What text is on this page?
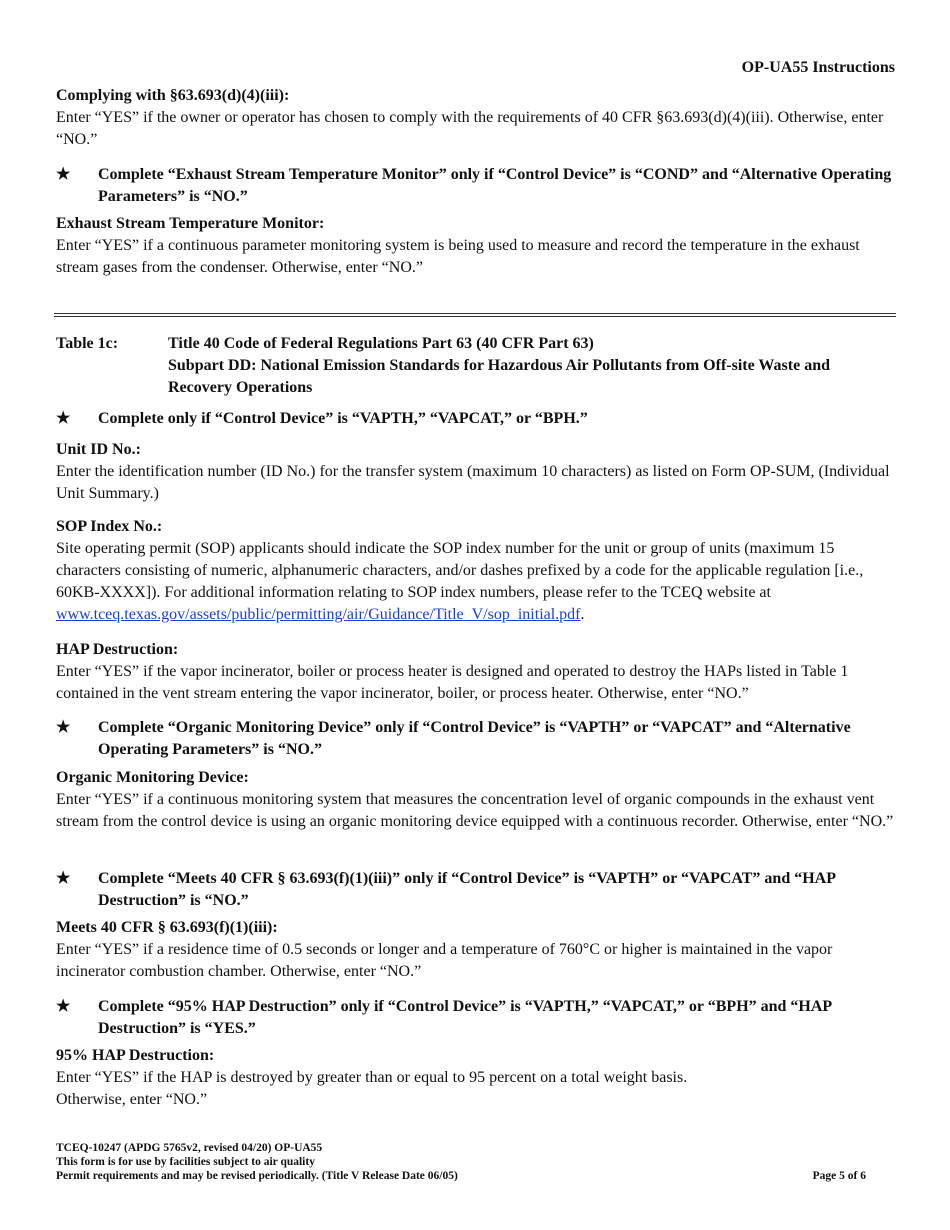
OP-UA55 Instructions

Complying with §63.693(d)(4)(iii):

Enter “YES” if the owner or operator has chosen to comply with the requirements of 40 CFR §63.693(d)(4)(iii). Otherwise, enter “NO.”

★	Complete “Exhaust Stream Temperature Monitor” only if “Control Device” is “COND” and “Alternative Operating Parameters” is “NO.”

Exhaust Stream Temperature Monitor:

Enter “YES” if a continuous parameter monitoring system is being used to measure and record the temperature in the exhaust stream gases from the condenser. Otherwise, enter “NO.”

Table 1c:	Title 40 Code of Federal Regulations Part 63 (40 CFR Part 63)
Subpart DD: National Emission Standards for Hazardous Air Pollutants from Off-site Waste and Recovery Operations

★	Complete only if “Control Device” is “VAPTH,” “VAPCAT,” or “BPH.”

Unit ID No.:

Enter the identification number (ID No.) for the transfer system (maximum 10 characters) as listed on Form OP-SUM, (Individual Unit Summary.)

SOP Index No.:

Site operating permit (SOP) applicants should indicate the SOP index number for the unit or group of units (maximum 15 characters consisting of numeric, alphanumeric characters, and/or dashes prefixed by a code for the applicable regulation [i.e., 60KB-XXXX]). For additional information relating to SOP index numbers, please refer to the TCEQ website at www.tceq.texas.gov/assets/public/permitting/air/Guidance/Title_V/sop_initial.pdf.

HAP Destruction:

Enter “YES” if the vapor incinerator, boiler or process heater is designed and operated to destroy the HAPs listed in Table 1 contained in the vent stream entering the vapor incinerator, boiler, or process heater. Otherwise, enter “NO.”

★	Complete “Organic Monitoring Device” only if “Control Device” is “VAPTH” or “VAPCAT” and “Alternative Operating Parameters” is “NO.”

Organic Monitoring Device:

Enter “YES” if a continuous monitoring system that measures the concentration level of organic compounds in the exhaust vent stream from the control device is using an organic monitoring device equipped with a continuous recorder. Otherwise, enter “NO.”

★	Complete “Meets 40 CFR § 63.693(f)(1)(iii)” only if “Control Device” is “VAPTH” or “VAPCAT” and “HAP Destruction” is “NO.”

Meets 40 CFR § 63.693(f)(1)(iii):

Enter “YES” if a residence time of 0.5 seconds or longer and a temperature of 760°C or higher is maintained in the vapor incinerator combustion chamber. Otherwise, enter “NO.”

★	Complete “95% HAP Destruction” only if “Control Device” is “VAPTH,” “VAPCAT,” or “BPH” and “HAP Destruction” is “YES.”

95% HAP Destruction:

Enter “YES” if the HAP is destroyed by greater than or equal to 95 percent on a total weight basis.

Otherwise, enter “NO.”

TCEQ-10247 (APDG 5765v2, revised 04/20) OP-UA55
This form is for use by facilities subject to air quality
Permit requirements and may be revised periodically. (Title V Release Date 06/05)	Page 5 of 6
